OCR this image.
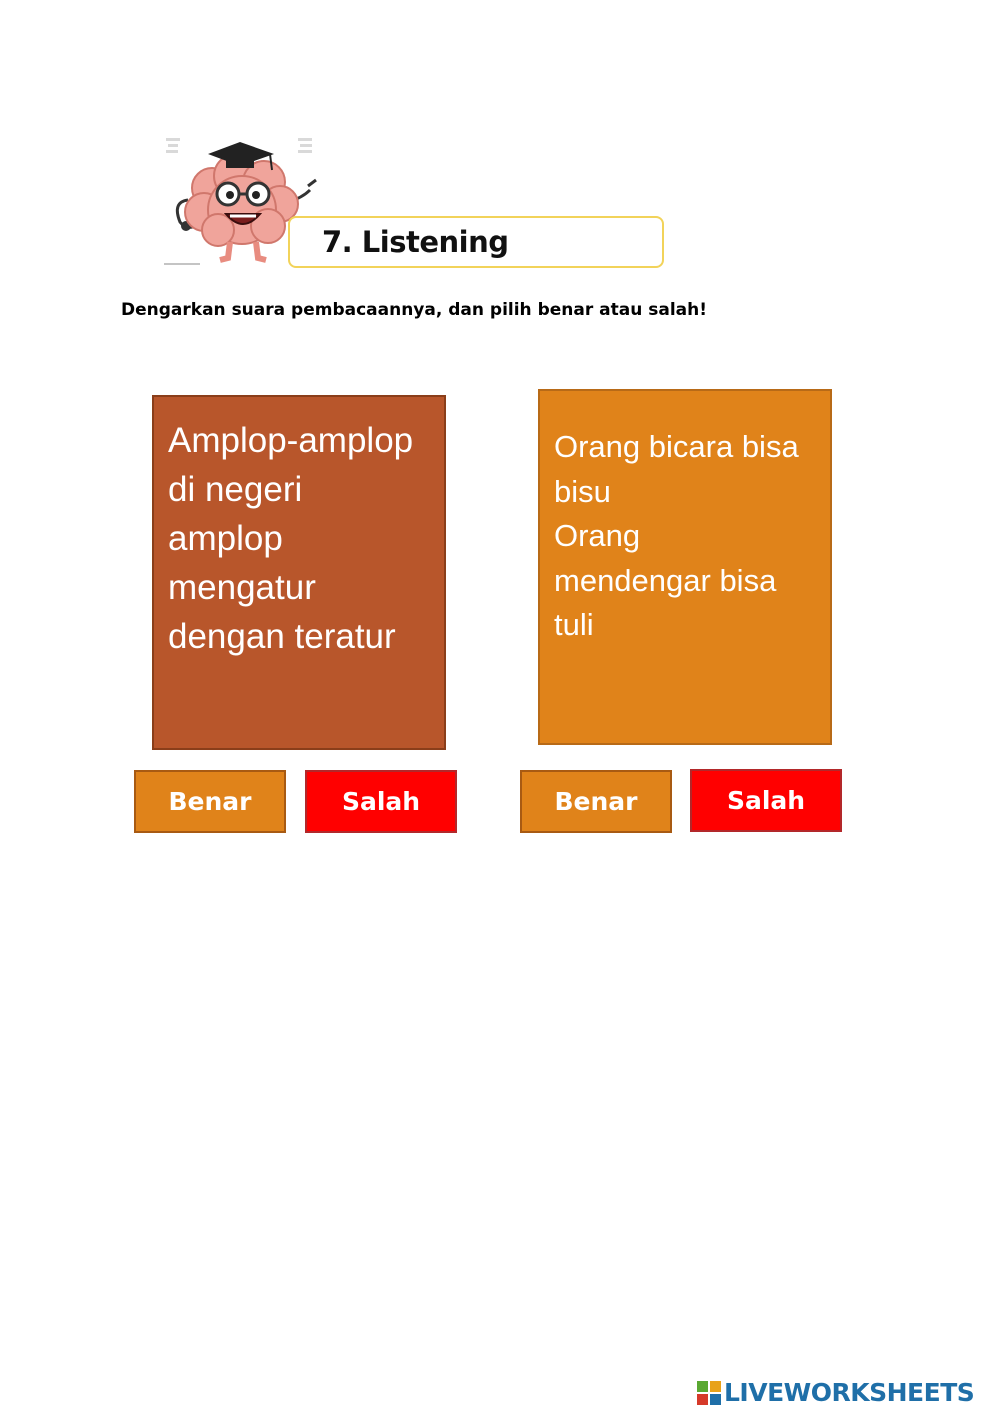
7. Listening
Dengarkan suara pembacaannya, dan pilih benar atau salah!

Amplop-amplop
di negeri
amplop
mengatur
dengan teratur

Orang bicara bisa
bisu
Orang
mendengar bisa
tuli

Benar	Salah	Benar	Salah
LIVEWORKSHEETS
